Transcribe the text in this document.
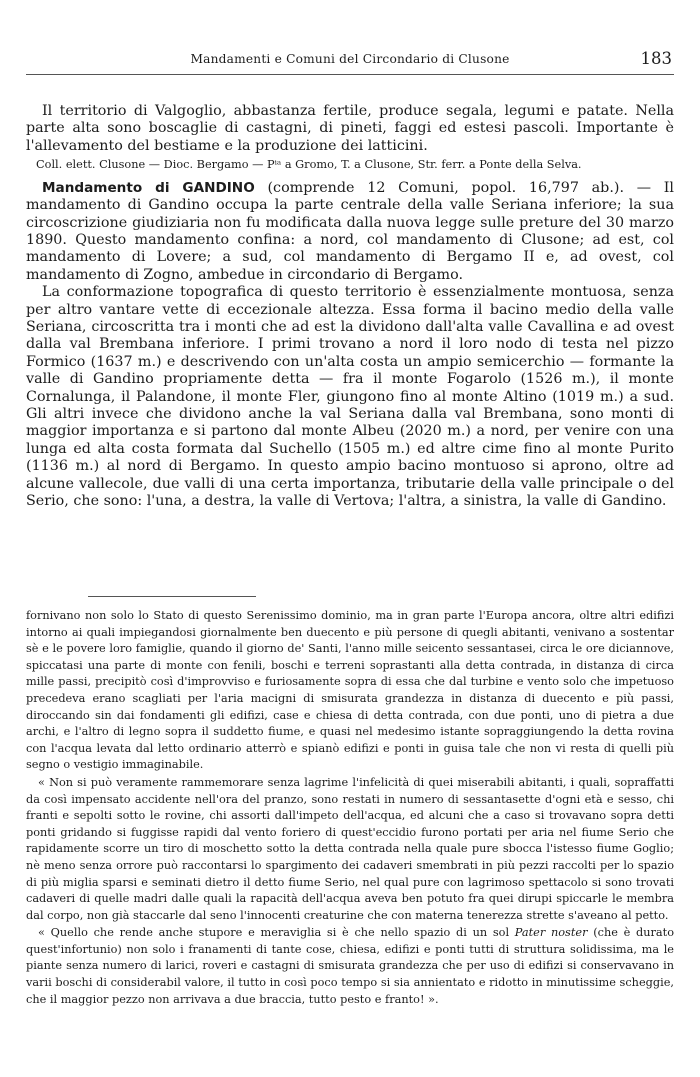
Mandamenti e Comuni del Circondario di Clusone	183

Il territorio di Valgoglio, abbastanza fertile, produce segala, legumi e patate. Nella parte alta sono boscaglie di castagni, di pineti, faggi ed estesi pascoli. Importante è l'allevamento del bestiame e la produzione dei latticini.

Coll. elett. Clusone — Dioc. Bergamo — Pⁱᵃ a Gromo, T. a Clusone, Str. ferr. a Ponte della Selva.

Mandamento di GANDINO (comprende 12 Comuni, popol. 16,797 ab.). — Il mandamento di Gandino occupa la parte centrale della valle Seriana inferiore; la sua circoscrizione giudiziaria non fu modificata dalla nuova legge sulle preture del 30 marzo 1890. Questo mandamento confina: a nord, col mandamento di Clusone; ad est, col mandamento di Lovere; a sud, col mandamento di Bergamo II e, ad ovest, col mandamento di Zogno, ambedue in circondario di Bergamo.

La conformazione topografica di questo territorio è essenzialmente montuosa, senza per altro vantare vette di eccezionale altezza. Essa forma il bacino medio della valle Seriana, circoscritta tra i monti che ad est la dividono dall'alta valle Cavallina e ad ovest dalla val Brembana inferiore. I primi trovano a nord il loro nodo di testa nel pizzo Formico (1637 m.) e descrivendo con un'alta costa un ampio semicerchio — formante la valle di Gandino propriamente detta — fra il monte Fogarolo (1526 m.), il monte Cornalunga, il Palandone, il monte Fler, giungono fino al monte Altino (1019 m.) a sud. Gli altri invece che dividono anche la val Seriana dalla val Brembana, sono monti di maggior importanza e si partono dal monte Albeu (2020 m.) a nord, per venire con una lunga ed alta costa formata dal Suchello (1505 m.) ed altre cime fino al monte Purito (1136 m.) al nord di Bergamo. In questo ampio bacino montuoso si aprono, oltre ad alcune vallecole, due valli di una certa importanza, tributarie della valle principale o del Serio, che sono: l'una, a destra, la valle di Vertova; l'altra, a sinistra, la valle di Gandino.

fornivano non solo lo Stato di questo Serenissimo dominio, ma in gran parte l'Europa ancora, oltre altri edifizi intorno ai quali impiegandosi giornalmente ben duecento e più persone di quegli abitanti, venivano a sostentar sè e le povere loro famiglie, quando il giorno de' Santi, l'anno mille seicento sessantasei, circa le ore diciannove, spiccatasi una parte di monte con fenili, boschi e terreni soprastanti alla detta contrada, in distanza di circa mille passi, precipitò così d'improvviso e furiosamente sopra di essa che dal turbine e vento solo che impetuoso precedeva erano scagliati per l'aria macigni di smisurata grandezza in distanza di duecento e più passi, diroccando sin dai fondamenti gli edifizi, case e chiesa di detta contrada, con due ponti, uno di pietra a due archi, e l'altro di legno sopra il suddetto fiume, e quasi nel medesimo istante sopraggiungendo la detta rovina con l'acqua levata dal letto ordinario atterrò e spianò edifizi e ponti in guisa tale che non vi resta di quelli più segno o vestigio immaginabile.

« Non si può veramente rammemorare senza lagrime l'infelicità di quei miserabili abitanti, i quali, sopraffatti da così impensato accidente nell'ora del pranzo, sono restati in numero di sessantasette d'ogni età e sesso, chi franti e sepolti sotto le rovine, chi assorti dall'impeto dell'acqua, ed alcuni che a caso si trovavano sopra detti ponti gridando si fuggisse rapidi dal vento foriero di quest'eccidio furono portati per aria nel fiume Serio che rapidamente scorre un tiro di moschetto sotto la detta contrada nella quale pure sbocca l'istesso fiume Goglio; nè meno senza orrore può raccontarsi lo spargimento dei cadaveri smembrati in più pezzi raccolti per lo spazio di più miglia sparsi e seminati dietro il detto fiume Serio, nel qual pure con lagrimoso spettacolo si sono trovati cadaveri di quelle madri dalle quali la rapacità dell'acqua aveva ben potuto fra quei dirupi spiccarle le membra dal corpo, non già staccarle dal seno l'innocenti creaturine che con materna tenerezza strette s'aveano al petto.

« Quello che rende anche stupore e meraviglia si è che nello spazio di un sol Pater noster (che è durato quest'infortunio) non solo i franamenti di tante cose, chiesa, edifizi e ponti tutti di struttura solidissima, ma le piante senza numero di larici, roveri e castagni di smisurata grandezza che per uso di edifizi si conservavano in varii boschi di considerabil valore, il tutto in così poco tempo si sia annientato e ridotto in minutissime scheggie, che il maggior pezzo non arrivava a due braccia, tutto pesto e franto! ».
